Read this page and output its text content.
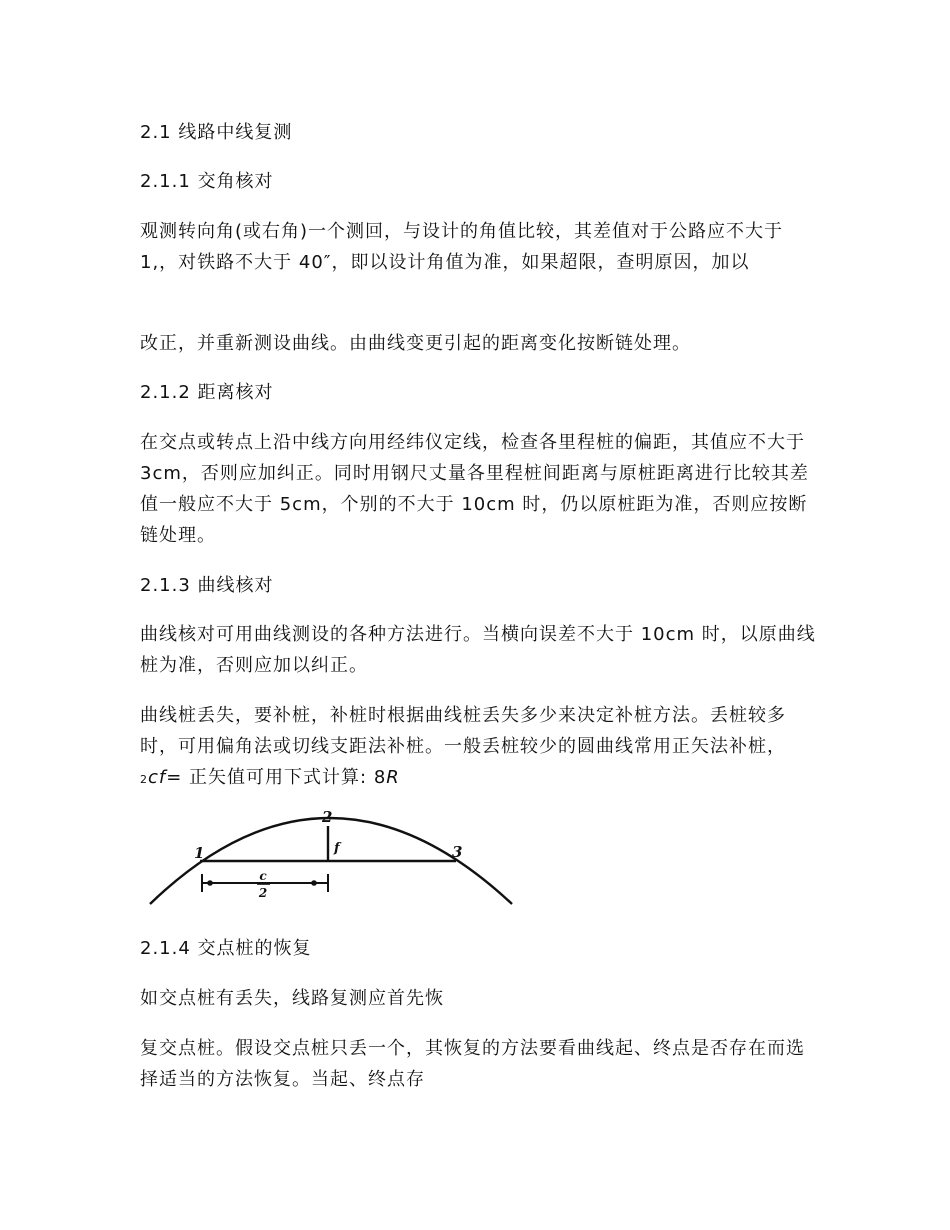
2.1 线路中线复测
2.1.1 交角核对
观测转向角(或右角)一个测回，与设计的角值比较，其差值对于公路应不大于 1,，对铁路不大于 40″，即以设计角值为准，如果超限，查明原因，加以
改正，并重新测设曲线。由曲线变更引起的距离变化按断链处理。
2.1.2 距离核对
在交点或转点上沿中线方向用经纬仪定线，检查各里程桩的偏距，其值应不大于 3cm，否则应加纠正。同时用钢尺丈量各里程桩间距离与原桩距离进行比较其差值一般应不大于 5cm，个别的不大于 10cm 时，仍以原桩距为准，否则应按断链处理。
2.1.3 曲线核对
曲线核对可用曲线测设的各种方法进行。当横向误差不大于 10cm 时，以原曲线桩为准，否则应加以纠正。
曲线桩丢失，要补桩，补桩时根据曲线桩丢失多少来决定补桩方法。丢桩较多时，可用偏角法或切线支距法补桩。一般丢桩较少的圆曲线常用正矢法补桩，2cf= 正矢值可用下式计算: 8R
c
2
1
2
3
f
2.1.4 交点桩的恢复
如交点桩有丢失，线路复测应首先恢
复交点桩。假设交点桩只丢一个，其恢复的方法要看曲线起、终点是否存在而选择适当的方法恢复。当起、终点存
